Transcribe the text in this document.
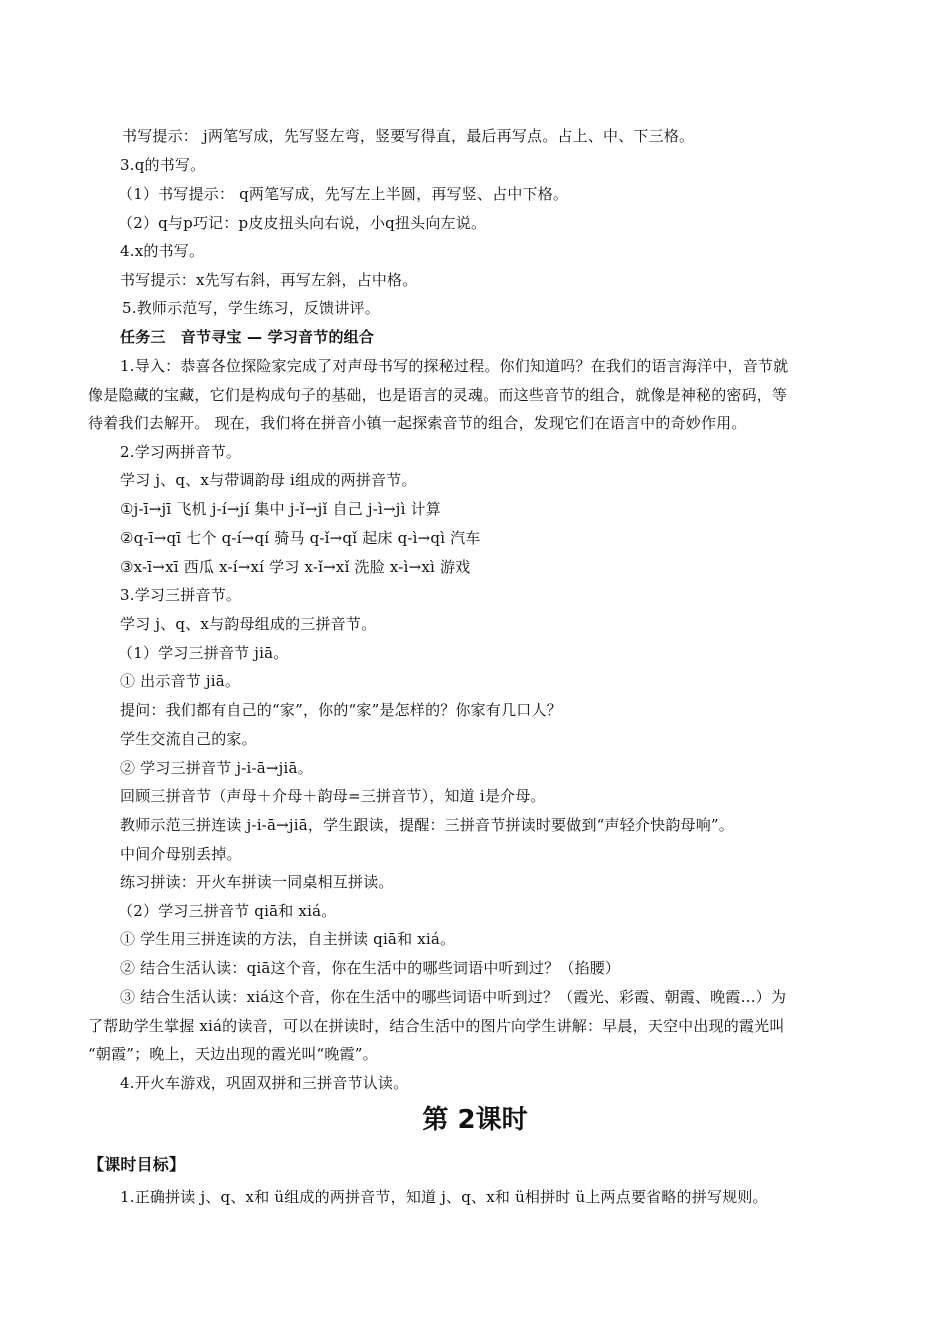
书写提示： j两笔写成，先写竖左弯，竖要写得直，最后再写点。占上、中、下三格。
3.q的书写。
（1）书写提示： q两笔写成，先写左上半圆，再写竖、占中下格。
（2）q与p巧记：p皮皮扭头向右说，小q扭头向左说。
4.x的书写。
书写提示：x先写右斜，再写左斜，占中格。
5.教师示范写，学生练习，反馈讲评。
任务三　音节寻宝 — 学习音节的组合
1.导入：恭喜各位探险家完成了对声母书写的探秘过程。你们知道吗？在我们的语言海洋中，音节就
像是隐藏的宝藏，它们是构成句子的基础，也是语言的灵魂。而这些音节的组合，就像是神秘的密码，等
待着我们去解开。 现在，我们将在拼音小镇一起探索音节的组合，发现它们在语言中的奇妙作用。
2.学习两拼音节。
学习 j、q、x与带调韵母 i组成的两拼音节。
①j-ī→jī 飞机 j-í→jí 集中 j-ǐ→jǐ 自己 j-ì→jì 计算
②q-ī→qī 七个 q-í→qí 骑马 q-ǐ→qǐ 起床 q-ì→qì 汽车
③x-ī→xī 西瓜 x-í→xí 学习 x-ǐ→xǐ 洗脸 x-ì→xì 游戏
3.学习三拼音节。
学习 j、q、x与韵母组成的三拼音节。
（1）学习三拼音节 jiā。
① 出示音节 jiā。
提问：我们都有自己的“家”，你的“家”是怎样的？你家有几口人？
学生交流自己的家。
② 学习三拼音节 j-i-ā→jiā。
回顾三拼音节（声母＋介母＋韵母=三拼音节），知道 i是介母。
教师示范三拼连读 j-i-ā→jiā，学生跟读，提醒：三拼音节拼读时要做到“声轻介快韵母响”。
中间介母别丢掉。
练习拼读：开火车拼读一同桌相互拼读。
（2）学习三拼音节 qiā和 xiá。
① 学生用三拼连读的方法，自主拼读 qiā和 xiá。
② 结合生活认读：qiā这个音，你在生活中的哪些词语中听到过？（掐腰）
③ 结合生活认读：xiá这个音，你在生活中的哪些词语中听到过？（霞光、彩霞、朝霞、晚霞…）为
了帮助学生掌握 xiá的读音，可以在拼读时，结合生活中的图片向学生讲解：早晨，天空中出现的霞光叫
“朝霞”；晚上，天边出现的霞光叫“晚霞”。
4.开火车游戏，巩固双拼和三拼音节认读。
第 2课时
【课时目标】
1.正确拼读 j、q、x和 ü组成的两拼音节，知道 j、q、x和 ü相拼时 ü上两点要省略的拼写规则。
